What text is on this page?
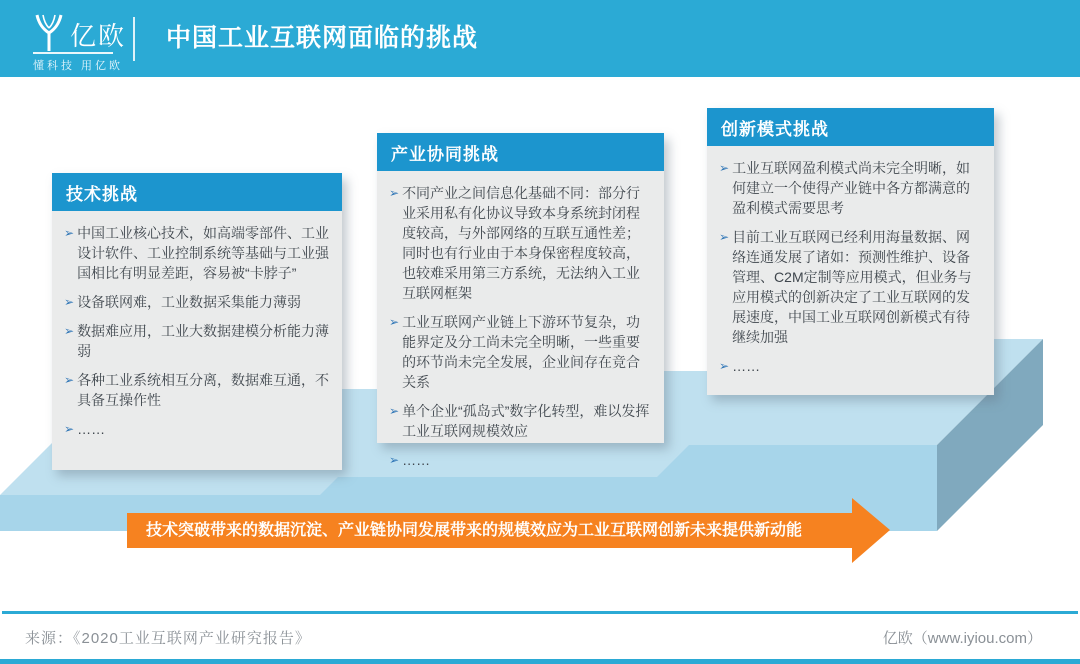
亿欧
懂科技 用亿欧
中国工业互联网面临的挑战
技术挑战
➢ 中国工业核心技术，如高端零部件、工业设计软件、工业控制系统等基础与工业强国相比有明显差距，容易被“卡脖子”
➢ 设备联网难，工业数据采集能力薄弱
➢ 数据难应用，工业大数据建模分析能力薄弱
➢ 各种工业系统相互分离，数据难互通，不具备互操作性
➢ ……
产业协同挑战
➢ 不同产业之间信息化基础不同：部分行业采用私有化协议导致本身系统封闭程度较高，与外部网络的互联互通性差；同时也有行业由于本身保密程度较高，也较难采用第三方系统，无法纳入工业互联网框架
➢ 工业互联网产业链上下游环节复杂，功能界定及分工尚未完全明晰，一些重要的环节尚未完全发展，企业间存在竞合关系
➢ 单个企业“孤岛式”数字化转型，难以发挥工业互联网规模效应
➢ ……
创新模式挑战
➢ 工业互联网盈利模式尚未完全明晰，如何建立一个使得产业链中各方都满意的盈利模式需要思考
➢ 目前工业互联网已经利用海量数据、网络连通发展了诸如：预测性维护、设备管理、C2M定制等应用模式，但业务与应用模式的创新决定了工业互联网的发展速度，中国工业互联网创新模式有待继续加强
➢ ……
技术突破带来的数据沉淀、产业链协同发展带来的规模效应为工业互联网创新未来提供新动能
来源：《2020工业互联网产业研究报告》	亿欧（www.iyiou.com）
